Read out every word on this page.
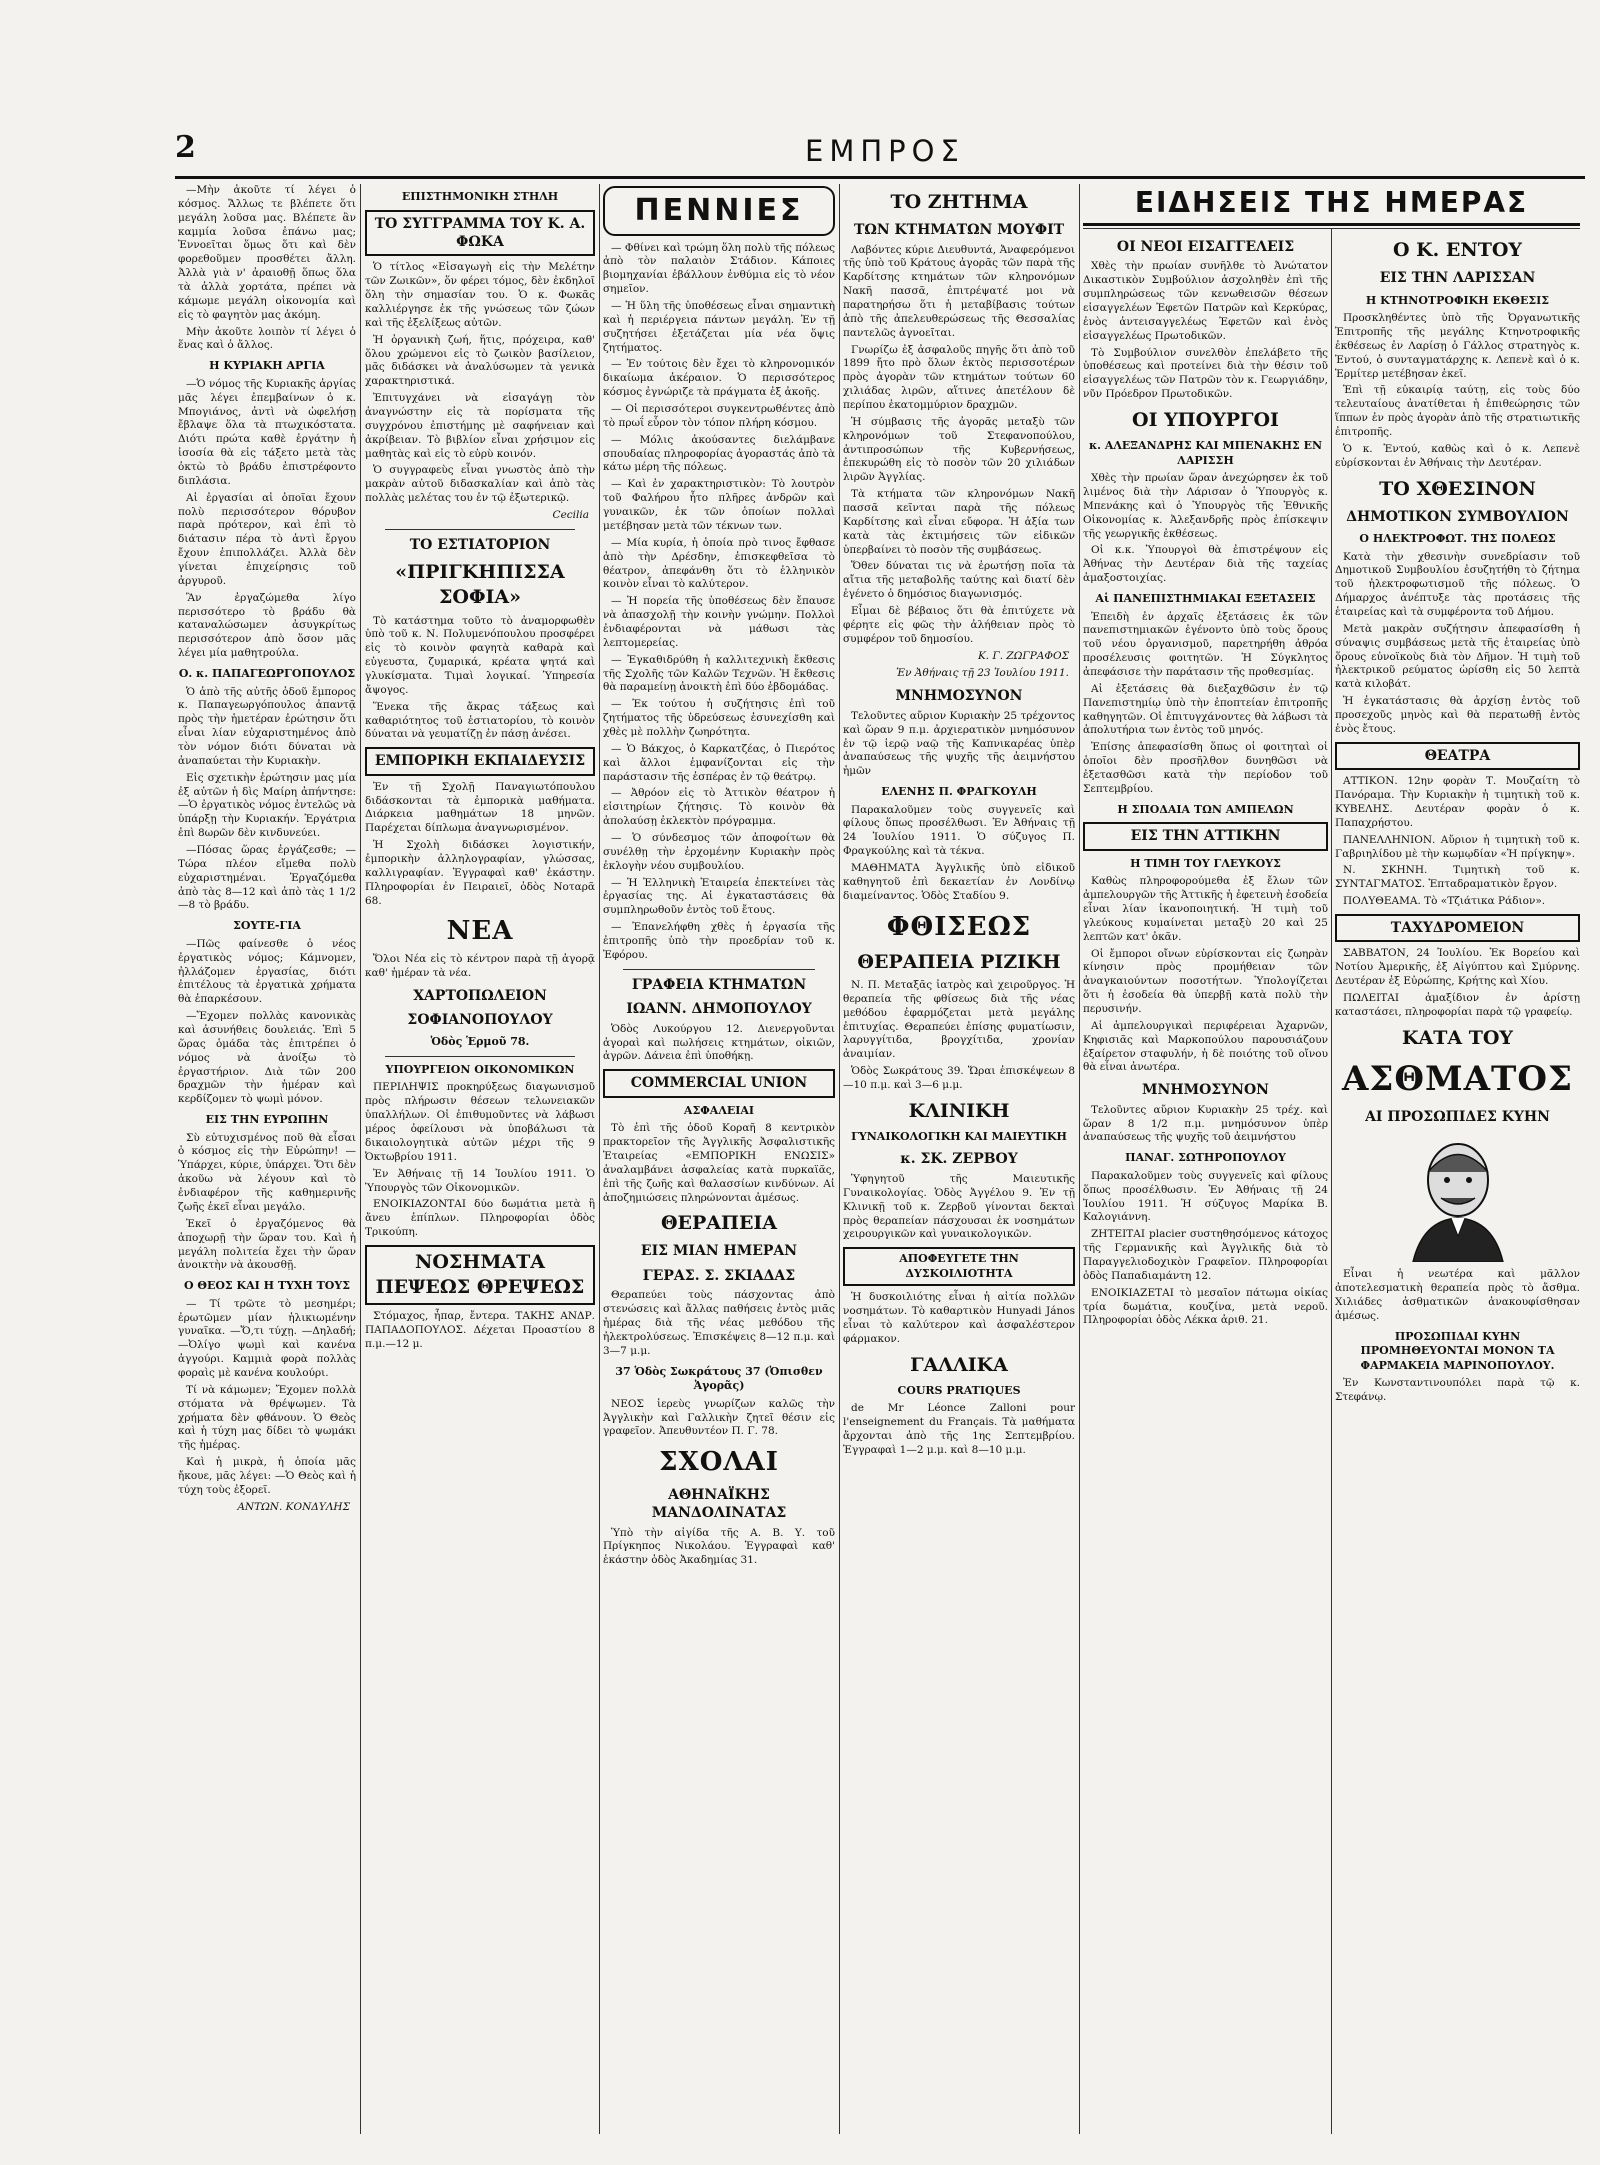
2	ΕΜΠΡΟΣ

—Μὴν ἀκοῦτε τί λέγει ὁ κόσμος. Ἄλλως τε βλέπετε ὅτι μεγάλη λοῦσα μας. Βλέπετε ἂν καμμία λοῦσα ἐπάνω μας; Ἐννοεῖται ὅμως ὅτι καὶ δὲν φορεθοῦμεν προσθέτει ἄλλη. Ἀλλὰ γιὰ ν' ἀραιοθῇ ὅπως ὅλα τὰ ἀλλὰ χορτάτα, πρέπει νὰ κάμωμε μεγάλη οἰκονομία καὶ εἰς τὸ φαγητὸν μας ἀκόμη.

Μὴν ἀκοῦτε λοιπὸν τί λέγει ὁ ἕνας καὶ ὁ ἄλλος.

Η ΚΥΡΙΑΚΗ ΑΡΓΙΑ

—Ὁ νόμος τῆς Κυριακῆς ἀργίας μᾶς λέγει ἐπεμβαίνων ὁ κ. Μπογιάνος, ἀντὶ νὰ ὠφελήσῃ ἔβλαψε ὅλα τὰ πτωχικόστατα. Διότι πρώτα καθὲ ἐργάτην ἠ ἰσοσία θὰ εἰς τάξετο μετὰ τὰς ὀκτὼ τὸ βράδυ ἐπιστρέφοντο διπλάσια.

Αἱ ἐργασίαι αἱ ὁποῖαι ἔχουν πολὺ περισσότερον θόρυβον παρὰ πρότερον, καὶ ἐπὶ τὸ διάτασιν πέρα τὸ ἀντὶ ἔργου ἔχουν ἐπιπολλάζει. Ἀλλὰ δὲν γίνεται ἐπιχείρησις τοῦ ἀργυροῦ.

Ἂν ἐργαζώμεθα λίγο περισσότερο τὸ βράδυ θὰ καταναλώσωμεν ἀσυγκρίτως περισσότερον ἀπὸ ὅσον μᾶς λέγει μία μαθητρούλα.

Ο. κ. ΠΑΠΑΓΕΩΡΓΟΠΟΥΛΟΣ

Ὁ ἀπὸ τῆς αὐτῆς ὁδοῦ ἔμπορος κ. Παπαγεωργόπουλος ἀπαντᾷ πρὸς τὴν ἡμετέραν ἐρώτησιν ὅτι εἶναι λίαν εὐχαριστημένος ἀπὸ τὸν νόμον διότι δύναται νὰ ἀναπαύεται τὴν Κυριακὴν.

Εἰς σχετικὴν ἐρώτησιν μας μία ἐξ αὐτῶν ἡ δὶς Μαίρη ἀπήντησε: —Ὁ ἐργατικὸς νόμος ἐντελῶς νὰ ὑπάρξῃ τὴν Κυριακήν. Ἐργάτρια ἐπὶ 8ωρῶν δὲν κινδυνεύει.

—Πόσας ὥρας ἐργάζεσθε; —Τώρα πλέον εἴμεθα πολὺ εὐχαριστημέναι. Ἐργαζόμεθα ἀπὸ τὰς 8—12 καὶ ἀπὸ τὰς 1 1/2—8 τὸ βράδυ.

ΣΟΥΤΕ-ΓΙΑ

—Πῶς φαίνεσθε ὁ νέος ἐργατικὸς νόμος; Κάμνομεν, ἠλλάζομεν ἐργασίας, διότι ἐπιτέλους τὰ ἐργατικὰ χρήματα θὰ ἐπαρκέσουν.

—Ἔχομεν πολλὰς κανονικὰς καὶ ἀσυνήθεις δουλειάς. Ἐπὶ 5 ὥρας ὁμάδα τὰς ἐπιτρέπει ὁ νόμος νὰ ἀνοίξω τὸ ἐργαστήριον. Διὰ τῶν 200 δραχμῶν τὴν ἡμέραν καὶ κερδίζομεν τὸ ψωμὶ μόνον.

ΕΙΣ ΤΗΝ ΕΥΡΩΠΗΝ

Σὺ εὐτυχισμένος ποῦ θὰ εἶσαι ὁ κόσμος εἰς τὴν Εὐρώπην! —Ὑπάρχει, κύριε, ὑπάρχει. Ὅτι δὲν ἀκοῦω νὰ λέγουν καὶ τὸ ἐνδιαφέρον τῆς καθημερινῆς ζωῆς ἐκεῖ εἶναι μεγάλο.

Ἐκεῖ ὁ ἐργαζόμενος θὰ ἀποχωρῇ τὴν ὥραν του. Καὶ ἡ μεγάλη πολιτεία ἔχει τὴν ὥραν ἀνοικτὴν νὰ ἀκουσθῇ.

Ο ΘΕΟΣ ΚΑΙ Η ΤΥΧΗ ΤΟΥΣ

— Τί τρῶτε τὸ μεσημέρι; ἐρωτῶμεν μίαν ἡλικιωμένην γυναῖκα. —Ὅ,τι τύχῃ. —Δηλαδή; —Ὀλίγο ψωμὶ καὶ κανένα ἀγγούρι. Καμμιὰ φορὰ πολλὰς φοραὶς μὲ κανένα κουλούρι.

Τί νὰ κάμωμεν; Ἔχομεν πολλὰ στόματα νὰ θρέψωμεν. Τὰ χρήματα δὲν φθάνουν. Ὁ Θεὸς καὶ ἡ τύχη μας δίδει τὸ ψωμάκι τῆς ἡμέρας.

Καὶ ἡ μικρὰ, ἡ ὁποία μᾶς ἤκουε, μᾶς λέγει: —Ὁ Θεὸς καὶ ἡ τύχη τοὺς ἐξορεῖ.

ΑΝΤΩΝ. ΚΟΝΔΥΛΗΣ
ΕΠΙΣΤΗΜΟΝΙΚΗ ΣΤΗΛΗ
ΤΟ ΣΥΓΓΡΑΜΜΑ ΤΟΥ Κ. Α. ΦΩΚΑ

Ὁ τίτλος «Εἰσαγωγὴ εἰς τὴν Μελέτην τῶν Ζωικῶν», ὅν φέρει τόμος, δὲν ἐκδηλοῖ ὅλη τὴν σημασίαν του. Ὁ κ. Φωκᾶς καλλιέργησε ἐκ τῆς γνώσεως τῶν ζώων καὶ τῆς ἐξελίξεως αὐτῶν.

Ἡ ὀργανικὴ ζωή, ἥτις, πρόχειρα, καθ' ὅλου χρώμενοι εἰς τὸ ζωικὸν βασίλειον, μᾶς διδάσκει νὰ ἀναλύσωμεν τὰ γενικὰ χαρακτηριστικά.

Ἐπιτυγχάνει νὰ εἰσαγάγῃ τὸν ἀναγνώστην εἰς τὰ πορίσματα τῆς συγχρόνου ἐπιστήμης μὲ σαφήνειαν καὶ ἀκρίβειαν. Τὸ βιβλίον εἶναι χρήσιμον εἰς μαθητὰς καὶ εἰς τὸ εὐρὺ κοινόν.

Ὁ συγγραφεὺς εἶναι γνωστὸς ἀπὸ τὴν μακρὰν αὐτοῦ διδασκαλίαν καὶ ἀπὸ τὰς πολλὰς μελέτας του ἐν τῷ ἐξωτερικῷ.

Cecilia
ΤΟ ΕΣΤΙΑΤΟΡΙΟΝ
«ΠΡΙΓΚΗΠΙΣΣΑ ΣΟΦΙΑ»

Τὸ κατάστημα τοῦτο τὸ ἀναμορφωθὲν ὑπὸ τοῦ κ. Ν. Πολυμενόπουλου προσφέρει εἰς τὸ κοινὸν φαγητὰ καθαρὰ καὶ εὐγευστα, ζυμαρικά, κρέατα ψητά καὶ γλυκίσματα. Τιμαὶ λογικαί. Ὑπηρεσία ἄψογος.

Ἕνεκα τῆς ἄκρας τάξεως καὶ καθαριότητος τοῦ ἑστιατορίου, τὸ κοινὸν δύναται νὰ γευματίζῃ ἐν πάσῃ ἀνέσει.

ΕΜΠΟΡΙΚΗ ΕΚΠΑΙΔΕΥΣΙΣ

Ἐν τῇ Σχολῇ Παναγιωτόπουλου διδάσκονται τὰ ἐμπορικὰ μαθήματα. Διάρκεια μαθημάτων 18 μηνῶν. Παρέχεται δίπλωμα ἀναγνωρισμένον.

Ἡ Σχολὴ διδάσκει λογιστικήν, ἐμπορικὴν ἀλληλογραφίαν, γλώσσας, καλλιγραφίαν. Ἐγγραφαὶ καθ' ἑκάστην. Πληροφορίαι ἐν Πειραιεῖ, ὁδὸς Νοταρᾶ 68.

ΝΕΑ

Ὅλοι Νέα εἰς τὸ κέντρον παρὰ τῇ ἀγορᾷ καθ' ἡμέραν τὰ νέα.

ΧΑΡΤΟΠΩΛΕΙΟΝ
ΣΟΦΙΑΝΟΠΟΥΛΟΥ
Ὁδὸς Ἑρμοῦ 78.
ΥΠΟΥΡΓΕΙΟΝ ΟΙΚΟΝΟΜΙΚΩΝ

ΠΕΡΙΛΗΨΙΣ προκηρύξεως διαγωνισμοῦ πρὸς πλήρωσιν θέσεων τελωνειακῶν ὑπαλλήλων. Οἱ ἐπιθυμοῦντες νὰ λάβωσι μέρος ὀφείλουσι νὰ ὑποβάλωσι τὰ δικαιολογητικὰ αὐτῶν μέχρι τῆς 9 Ὀκτωβρίου 1911.

Ἐν Ἀθήναις τῇ 14 Ἰουλίου 1911. Ὁ Ὑπουργὸς τῶν Οἰκονομικῶν.

ΕΝΟΙΚΙΑΖΟΝΤΑΙ δύο δωμάτια μετὰ ἢ ἄνευ ἐπίπλων. Πληροφορίαι ὁδὸς Τρικούπη.

ΝΟΣΗΜΑΤΑ ΠΕΨΕΩΣ ΘΡΕΨΕΩΣ

Στόμαχος, ἧπαρ, ἔντερα. ΤΑΚΗΣ ΑΝΔΡ. ΠΑΠΑΔΟΠΟΥΛΟΣ. Δέχεται Προαστίου 8 π.μ.—12 μ.

ΠΕΝΝΙΕΣ

— Φθίνει καὶ τρώμη ὅλη πολὺ τῆς πόλεως ἀπὸ τὸν παλαιὸν Στάδιον. Κάποιες βιομηχανίαι ἐβάλλουν ἐνθύμια εἰς τὸ νέον σημεῖον.

— Ἡ ὕλη τῆς ὑποθέσεως εἶναι σημαντικὴ καὶ ἡ περιέργεια πάντων μεγάλη. Ἐν τῇ συζητήσει ἐξετάζεται μία νέα ὅψις ζητήματος.

— Ἐν τούτοις δὲν ἔχει τὸ κληρονομικόν δικαίωμα ἀκέραιον. Ὁ περισσότερος κόσμος ἐγνώριζε τὰ πράγματα ἐξ ἀκοῆς.

— Οἱ περισσότεροι συγκεντρωθέντες ἀπὸ τὸ πρωΐ εὗρον τὸν τόπον πλήρη κόσμου.

— Μόλις ἀκούσαντες διελάμβανε σπουδαίας πληροφορίας ἀγοραστάς ἀπὸ τὰ κάτω μέρη τῆς πόλεως.

— Καὶ ἐν χαρακτηριστικὸν: Τὸ λουτρὸν τοῦ Φαλήρου ἦτο πλῆρες ἀνδρῶν καὶ γυναικῶν, ἐκ τῶν ὁποίων πολλαὶ μετέβησαν μετὰ τῶν τέκνων των.

— Μία κυρία, ἡ ὁποία πρὸ τινος ἔφθασε ἀπὸ τὴν Δρέσδην, ἐπισκεφθεῖσα τὸ θέατρον, ἀπεφάνθη ὅτι τὸ ἐλληνικὸν κοινὸν εἶναι τὸ καλύτερον.

— Ἡ πορεία τῆς ὑποθέσεως δὲν ἔπαυσε νὰ ἀπασχολῇ τὴν κοινὴν γνώμην. Πολλοὶ ἐνδιαφέρονται νὰ μάθωσι τὰς λεπτομερείας.

— Ἐγκαθιδρύθη ἡ καλλιτεχνικὴ ἔκθεσις τῆς Σχολῆς τῶν Καλῶν Τεχνῶν. Ἡ ἔκθεσις θὰ παραμείνῃ ἀνοικτὴ ἐπὶ δύο ἑβδομάδας.

— Ἐκ τούτου ἡ συζήτησις ἐπὶ τοῦ ζητήματος τῆς ὑδρεύσεως ἐσυνεχίσθη καὶ χθὲς μὲ πολλὴν ζωηρότητα.

— Ὁ Βάκχος, ὁ Καρκατζέας, ὁ Πιερότος καὶ ἄλλοι ἐμφανίζονται εἰς τὴν παράστασιν τῆς ἐσπέρας ἐν τῷ θεάτρῳ.

— Ἀθρόον εἰς τὸ Ἀττικὸν θέατρον ἡ εἰσιτηρίων ζήτησις. Τὸ κοινὸν θὰ ἀπολαύσῃ ἐκλεκτὸν πρόγραμμα.

— Ὁ σύνδεσμος τῶν ἀποφοίτων θὰ συνέλθῃ τὴν ἐρχομένην Κυριακὴν πρὸς ἐκλογὴν νέου συμβουλίου.

— Ἡ Ἐλληνικὴ Ἑταιρεία ἐπεκτείνει τὰς ἐργασίας της. Αἱ ἐγκαταστάσεις θὰ συμπληρωθοῦν ἐντὸς τοῦ ἔτους.

— Ἐπανελήφθη χθὲς ἡ ἐργασία τῆς ἐπιτροπῆς ὑπὸ τὴν προεδρίαν τοῦ κ. Ἐφόρου.

ΓΡΑΦΕΙΑ ΚΤΗΜΑΤΩΝ
ΙΩΑΝΝ. ΔΗΜΟΠΟΥΛΟΥ

Ὁδὸς Λυκούργου 12. Διενεργοῦνται ἀγοραὶ καὶ πωλήσεις κτημάτων, οἰκιῶν, ἀγρῶν. Δάνεια ἐπὶ ὑποθήκῃ.

COMMERCIAL UNION
ΑΣΦΑΛΕΙΑΙ

Τὸ ἐπὶ τῆς ὁδοῦ Κοραῆ 8 κεντρικὸν πρακτορεῖον τῆς Ἀγγλικῆς Ἀσφαλιστικῆς Ἑταιρείας «ΕΜΠΟΡΙΚΗ ΕΝΩΣΙΣ» ἀναλαμβάνει ἀσφαλείας κατὰ πυρκαϊᾶς, ἐπὶ τῆς ζωῆς καὶ θαλασσίων κινδύνων. Αἱ ἀποζημιώσεις πληρώνονται ἀμέσως.

ΘΕΡΑΠΕΙΑ
ΕΙΣ ΜΙΑΝ ΗΜΕΡΑΝ
ΓΕΡΑΣ. Σ. ΣΚΙΑΔΑΣ

Θεραπεύει τοὺς πάσχοντας ἀπὸ στενώσεις καὶ ἄλλας παθήσεις ἐντὸς μιᾶς ἡμέρας διὰ τῆς νέας μεθόδου τῆς ἠλεκτρολύσεως. Ἐπισκέψεις 8—12 π.μ. καὶ 3—7 μ.μ.

37 Ὁδὸς Σωκράτους 37 (Ὀπισθεν Ἀγορᾶς)

ΝΕΟΣ ἱερεὺς γνωρίζων καλῶς τὴν Ἀγγλικὴν καὶ Γαλλικὴν ζητεῖ θέσιν εἰς γραφεῖον. Ἀπευθυντέον Π. Γ. 78.

ΣΧΟΛΑΙ
ΑΘΗΝΑΪΚΗΣ ΜΑΝΔΟΛΙΝΑΤΑΣ

Ὑπὸ τὴν αἰγίδα τῆς Α. Β. Υ. τοῦ Πρίγκηπος Νικολάου. Ἐγγραφαὶ καθ' ἑκάστην ὁδὸς Ἀκαδημίας 31.

ΤΟ ΖΗΤΗΜΑ
ΤΩΝ ΚΤΗΜΑΤΩΝ ΜΟΥΦΙΤ

Λαβόντες κύριε Διευθυντά, Ἀναφερόμενοι τῆς ὑπὸ τοῦ Κράτους ἀγορᾶς τῶν παρὰ τῆς Καρδίτσης κτημάτων τῶν κληρονόμων Νακῆ πασσᾶ, ἐπιτρέψατέ μοι νὰ παρατηρήσω ὅτι ἡ μεταβίβασις τούτων ἀπὸ τῆς ἀπελευθερώσεως τῆς Θεσσαλίας παντελῶς ἀγνοεῖται.

Γνωρίζω ἐξ ἀσφαλοῦς πηγῆς ὅτι ἀπὸ τοῦ 1899 ἤτο πρὸ ὅλων ἐκτὸς περισσοτέρων πρὸς ἀγορὰν τῶν κτημάτων τούτων 60 χιλιάδας λιρῶν, αἵτινες ἀπετέλουν δὲ περίπου ἑκατομμύριον δραχμῶν.

Ἡ σύμβασις τῆς ἀγορᾶς μεταξὺ τῶν κληρονόμων τοῦ Στεφανοπούλου, ἀντιπροσώπων τῆς Κυβερνήσεως, ἐπεκυρώθη εἰς τὸ ποσὸν τῶν 20 χιλιάδων λιρῶν Ἀγγλίας.

Τὰ κτήματα τῶν κληρονόμων Νακῆ πασσᾶ κεῖνται παρὰ τῆς πόλεως Καρδίτσης καὶ εἶναι εὔφορα. Ἡ ἀξία των κατὰ τὰς ἐκτιμήσεις τῶν εἰδικῶν ὑπερβαίνει τὸ ποσὸν τῆς συμβάσεως.

Ὅθεν δύναται τις νὰ ἐρωτήσῃ ποῖα τὰ αἴτια τῆς μεταβολῆς ταύτης καὶ διατί δὲν ἐγένετο ὁ δημόσιος διαγωνισμός.

Εἶμαι δὲ βέβαιος ὅτι θὰ ἐπιτύχετε νὰ φέρητε εἰς φῶς τὴν ἀλήθειαν πρὸς τὸ συμφέρον τοῦ δημοσίου.

Κ. Γ. ΖΩΓΡΑΦΟΣ
Ἐν Ἀθήναις τῇ 23 Ἰουλίου 1911.
ΜΝΗΜΟΣΥΝΟΝ

Τελοῦντες αὔριον Κυριακὴν 25 τρέχοντος καὶ ὥραν 9 π.μ. ἀρχιερατικὸν μνημόσυνον ἐν τῷ ἱερῷ ναῷ τῆς Καπνικαρέας ὑπὲρ ἀναπαύσεως τῆς ψυχῆς τῆς ἀειμνήστου ἡμῶν

ΕΛΕΝΗΣ Π. ΦΡΑΓΚΟΥΛΗ

Παρακαλοῦμεν τοὺς συγγενεῖς καὶ φίλους ὅπως προσέλθωσι. Ἐν Ἀθήναις τῇ 24 Ἰουλίου 1911. Ὁ σύζυγος Π. Φραγκούλης καὶ τὰ τέκνα.

ΜΑΘΗΜΑΤΑ Ἀγγλικῆς ὑπὸ εἰδικοῦ καθηγητοῦ ἐπὶ δεκαετίαν ἐν Λονδίνῳ διαμείναντος. Ὁδὸς Σταδίου 9.

ΦΘΙΣΕΩΣ
ΘΕΡΑΠΕΙΑ ΡΙΖΙΚΗ

Ν. Π. Μεταξᾶς ἰατρὸς καὶ χειροῦργος. Ἡ θεραπεία τῆς φθίσεως διὰ τῆς νέας μεθόδου ἐφαρμόζεται μετὰ μεγάλης ἐπιτυχίας. Θεραπεύει ἐπίσης φυματίωσιν, λαρυγγίτιδα, βρογχίτιδα, χρονίαν ἀναιμίαν.

Ὁδὸς Σωκράτους 39. Ὥραι ἐπισκέψεων 8—10 π.μ. καὶ 3—6 μ.μ.

ΚΛΙΝΙΚΗ
ΓΥΝΑΙΚΟΛΟΓΙΚΗ ΚΑΙ ΜΑΙΕΥΤΙΚΗ
κ. ΣΚ. ΖΕΡΒΟΥ

Ὑφηγητοῦ τῆς Μαιευτικῆς Γυναικολογίας. Ὁδὸς Ἀγγέλου 9. Ἐν τῇ Κλινικῇ τοῦ κ. Ζερβοῦ γίνονται δεκταὶ πρὸς θεραπείαν πάσχουσαι ἐκ νοσημάτων χειρουργικῶν καὶ γυναικολογικῶν.

ΑΠΟΦΕΥΓΕΤΕ ΤΗΝ ΔΥΣΚΟΙΛΙΟΤΗΤΑ

Ἡ δυσκοιλιότης εἶναι ἡ αἰτία πολλῶν νοσημάτων. Τὸ καθαρτικὸν Hunyadi János εἶναι τὸ καλύτερον καὶ ἀσφαλέστερον φάρμακον.

ΓΑΛΛΙΚΑ
COURS PRATIQUES

de Mr Léonce Zalloni pour l'enseignement du Français. Τὰ μαθήματα ἄρχονται ἀπὸ τῆς 1ης Σεπτεμβρίου. Ἐγγραφαὶ 1—2 μ.μ. καὶ 8—10 μ.μ.

ΕΙΔΗΣΕΙΣ ΤΗΣ ΗΜΕΡΑΣ
ΟΙ ΝΕΟΙ ΕΙΣΑΓΓΕΛΕΙΣ

Χθὲς τὴν πρωίαν συνῆλθε τὸ Ἀνώτατον Δικαστικὸν Συμβούλιον ἀσχοληθὲν ἐπὶ τῆς συμπληρώσεως τῶν κενωθεισῶν θέσεων εἰσαγγελέων Ἐφετῶν Πατρῶν καὶ Κερκύρας, ἐνὸς ἀντεισαγγελέως Ἐφετῶν καὶ ἑνὸς εἰσαγγελέως Πρωτοδικῶν.

Τὸ Συμβούλιον συνελθὸν ἐπελάβετο τῆς ὑποθέσεως καὶ προτείνει διὰ τὴν θέσιν τοῦ εἰσαγγελέως τῶν Πατρῶν τὸν κ. Γεωργιάδην, νῦν Πρόεδρον Πρωτοδικῶν.

ΟΙ ΥΠΟΥΡΓΟΙ
κ. ΑΛΕΞΑΝΔΡΗΣ ΚΑΙ ΜΠΕΝΑΚΗΣ ΕΝ ΛΑΡΙΣΣΗ

Χθὲς τὴν πρωίαν ὥραν ἀνεχώρησεν ἐκ τοῦ λιμένος διὰ τὴν Λάρισαν ὁ Ὑπουργὸς κ. Μπενάκης καὶ ὁ Ὑπουργὸς τῆς Ἐθνικῆς Οἰκονομίας κ. Ἀλεξανδρῆς πρὸς ἐπίσκεψιν τῆς γεωργικῆς ἐκθέσεως.

Οἱ κ.κ. Ὑπουργοὶ θὰ ἐπιστρέψουν εἰς Ἀθήνας τὴν Δευτέραν διὰ τῆς ταχείας ἀμαξοστοιχίας.

Αἱ ΠΑΝΕΠΙΣΤΗΜΙΑΚΑΙ ΕΞΕΤΑΣΕΙΣ

Ἐπειδὴ ἐν ἀρχαῖς ἐξετάσεις ἐκ τῶν πανεπιστημιακῶν ἐγένοντο ὑπὸ τοὺς ὅρους τοῦ νέου ὀργανισμοῦ, παρετηρήθη ἀθρόα προσέλευσις φοιτητῶν. Ἡ Σύγκλητος ἀπεφάσισε τὴν παράτασιν τῆς προθεσμίας.

Αἱ ἐξετάσεις θὰ διεξαχθῶσιν ἐν τῷ Πανεπιστημίῳ ὑπὸ τὴν ἐποπτείαν ἐπιτροπῆς καθηγητῶν. Οἱ ἐπιτυγχάνοντες θὰ λάβωσι τὰ ἀπολυτήρια των ἐντὸς τοῦ μηνός.

Ἐπίσης ἀπεφασίσθη ὅπως οἱ φοιτηταὶ οἱ ὁποῖοι δὲν προσῆλθον δυνηθῶσι νὰ ἐξετασθῶσι κατὰ τὴν περίοδον τοῦ Σεπτεμβρίου.

Η ΣΠΟΔΑΙΑ ΤΩΝ ΑΜΠΕΛΩΝ
ΕΙΣ ΤΗΝ ΑΤΤΙΚΗΝ
Η ΤΙΜΗ ΤΟΥ ΓΛΕΥΚΟΥΣ

Καθὼς πληροφορούμεθα ἐξ ἔλων τῶν ἀμπελουργῶν τῆς Ἀττικῆς ἡ ἐφετεινὴ ἐσοδεία εἶναι λίαν ἱκανοποιητική. Ἡ τιμὴ τοῦ γλεύκους κυμαίνεται μεταξὺ 20 καὶ 25 λεπτῶν κατ' ὀκᾶν.

Οἱ ἔμποροι οἴνων εὑρίσκονται εἰς ζωηρὰν κίνησιν πρὸς προμήθειαν τῶν ἀναγκαιούντων ποσοτήτων. Ὑπολογίζεται ὅτι ἡ ἐσοδεία θὰ ὑπερβῇ κατὰ πολὺ τὴν περυσινήν.

Αἱ ἀμπελουργικαὶ περιφέρειαι Ἀχαρνῶν, Κηφισιᾶς καὶ Μαρκοπούλου παρουσιάζουν ἐξαίρετον σταφυλήν, ἡ δὲ ποιότης τοῦ οἴνου θὰ εἶναι ἀνωτέρα.

ΜΝΗΜΟΣΥΝΟΝ

Τελοῦντες αὔριον Κυριακὴν 25 τρέχ. καὶ ὥραν 8 1/2 π.μ. μνημόσυνον ὑπὲρ ἀναπαύσεως τῆς ψυχῆς τοῦ ἀειμνήστου

ΠΑΝΑΓ. ΣΩΤΗΡΟΠΟΥΛΟΥ

Παρακαλοῦμεν τοὺς συγγενεῖς καὶ φίλους ὅπως προσέλθωσιν. Ἐν Ἀθήναις τῇ 24 Ἰουλίου 1911. Ἡ σύζυγος Μαρίκα Β. Καλογιάννη.

ΖΗΤΕΙΤΑΙ placier συστηθησόμενος κάτοχος τῆς Γερμανικῆς καὶ Ἀγγλικῆς διὰ τὸ Παραγγελιοδοχικὸν Γραφεῖον. Πληροφορίαι ὁδὸς Παπαδιαμάντη 12.

ΕΝΟΙΚΙΑΖΕΤΑΙ τὸ μεσαῖον πάτωμα οἰκίας τρία δωμάτια, κουζίνα, μετὰ νεροῦ. Πληροφορίαι ὁδὸς Λέκκα ἀριθ. 21.

Ο Κ. ΕΝΤΟΥ
ΕΙΣ ΤΗΝ ΛΑΡΙΣΣΑΝ
Η ΚΤΗΝΟΤΡΟΦΙΚΗ ΕΚΘΕΣΙΣ

Προσκληθέντες ὑπὸ τῆς Ὀργανωτικῆς Ἐπιτροπῆς τῆς μεγάλης Κτηνοτροφικῆς ἐκθέσεως ἐν Λαρίσῃ ὁ Γάλλος στρατηγὸς κ. Ἐντού, ὁ συνταγματάρχης κ. Λεπενὲ καὶ ὁ κ. Ἑρμίτερ μετέβησαν ἐκεῖ.

Ἐπὶ τῇ εὐκαιρίᾳ ταύτῃ, εἰς τοὺς δύο τελευταίους ἀνατίθεται ἡ ἐπιθεώρησις τῶν ἵππων ἐν πρὸς ἀγορὰν ἀπὸ τῆς στρατιωτικῆς ἐπιτροπῆς.

Ὁ κ. Ἐντού, καθὼς καὶ ὁ κ. Λεπενὲ εὑρίσκονται ἐν Ἀθήναις τὴν Δευτέραν.

ΤΟ ΧΘΕΣΙΝΟΝ
ΔΗΜΟΤΙΚΟΝ ΣΥΜΒΟΥΛΙΟΝ
Ο ΗΛΕΚΤΡΟΦΩΤ. ΤΗΣ ΠΟΛΕΩΣ

Κατὰ τὴν χθεσινὴν συνεδρίασιν τοῦ Δημοτικοῦ Συμβουλίου ἐσυζητήθη τὸ ζήτημα τοῦ ἠλεκτροφωτισμοῦ τῆς πόλεως. Ὁ Δήμαρχος ἀνέπτυξε τὰς προτάσεις τῆς ἑταιρείας καὶ τὰ συμφέροντα τοῦ Δήμου.

Μετὰ μακρὰν συζήτησιν ἀπεφασίσθη ἡ σύναψις συμβάσεως μετὰ τῆς ἑταιρείας ὑπὸ ὅρους εὐνοϊκοὺς διὰ τὸν Δῆμον. Ἡ τιμὴ τοῦ ἠλεκτρικοῦ ρεύματος ὡρίσθη εἰς 50 λεπτὰ κατὰ κιλοβάτ.

Ἡ ἐγκατάστασις θὰ ἀρχίσῃ ἐντὸς τοῦ προσεχοῦς μηνὸς καὶ θὰ περατωθῇ ἐντὸς ἑνὸς ἔτους.

ΘΕΑΤΡΑ

ΑΤΤΙΚΟΝ. 12ην φορὰν Τ. Μουζαίτη τὸ Πανόραμα. Τὴν Κυριακὴν ἡ τιμητικὴ τοῦ κ. ΚΥΒΕΛΗΣ. Δευτέραν φορὰν ὁ κ. Παπαχρήστου.

ΠΑΝΕΛΛΗΝΙΟΝ. Αὔριον ἡ τιμητικὴ τοῦ κ. Γαβριηλίδου μὲ τὴν κωμῳδίαν «Ἡ πρίγκηψ».

Ν. ΣΚΗΝΗ. Τιμητικὴ τοῦ κ. ΣΥΝΤΑΓΜΑΤΟΣ. Ἑπταδραματικὸν ἔργον.

ΠΟΛΥΘΕΑΜΑ. Τὸ «Τζιάτικα Ράδιον».

ΤΑΧΥΔΡΟΜΕΙΟΝ

ΣΑΒΒΑΤΟΝ, 24 Ἰουλίου. Ἐκ Βορείου καὶ Νοτίου Ἀμερικῆς, ἐξ Αἰγύπτου καὶ Σμύρνης. Δευτέραν ἐξ Εὐρώπης, Κρήτης καὶ Χίου.

ΠΩΛΕΙΤΑΙ ἁμαξίδιον ἐν ἀρίστῃ καταστάσει, πληροφορίαι παρὰ τῷ γραφείῳ.

ΚΑΤΑ ΤΟΥ
ΑΣΘΜΑΤΟΣ
ΑΙ ΠΡΟΣΩΠΙΔΕΣ ΚΥΗΝ

Εἶναι ἡ νεωτέρα καὶ μᾶλλον ἀποτελεσματικὴ θεραπεία πρὸς τὸ ἄσθμα. Χιλιάδες ἀσθματικῶν ἀνακουφίσθησαν ἀμέσως.

ΠΡΟΣΩΠΙΔΑΙ ΚΥΗΝ ΠΡΟΜΗΘΕΥΟΝΤΑΙ ΜΟΝΟΝ ΤΑ ΦΑΡΜΑΚΕΙΑ ΜΑΡΙΝΟΠΟΥΛΟΥ.

Ἐν Κωνσταντινουπόλει παρὰ τῷ κ. Στεφάνῳ.
